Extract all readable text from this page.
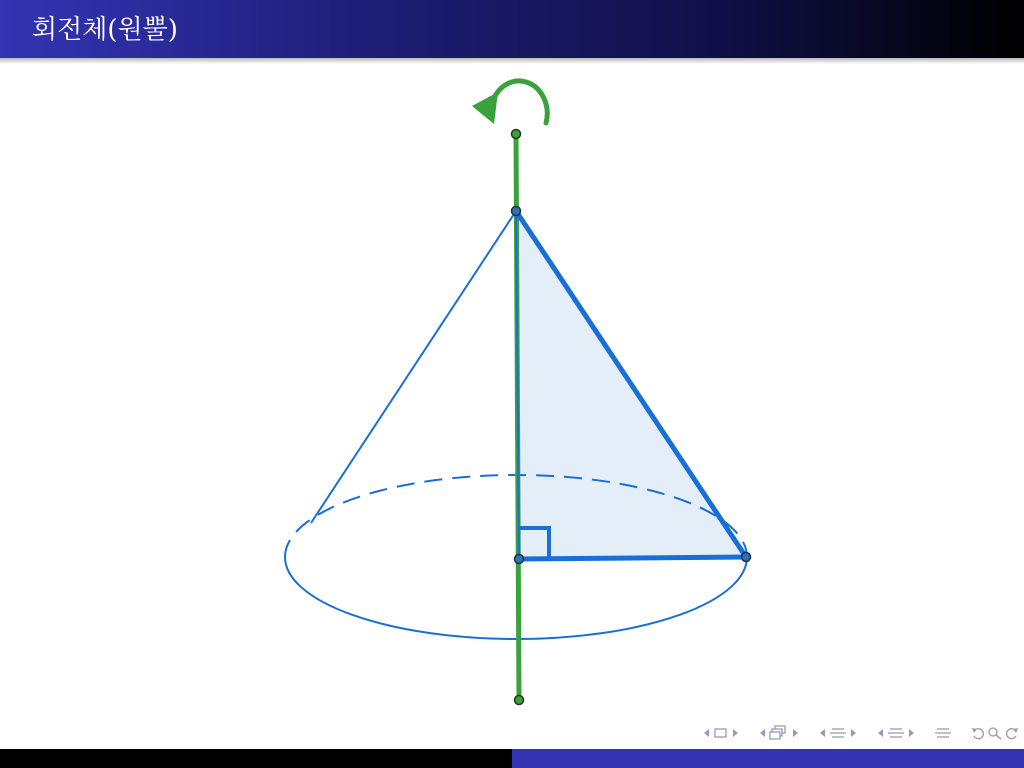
회전체(원뿔)
